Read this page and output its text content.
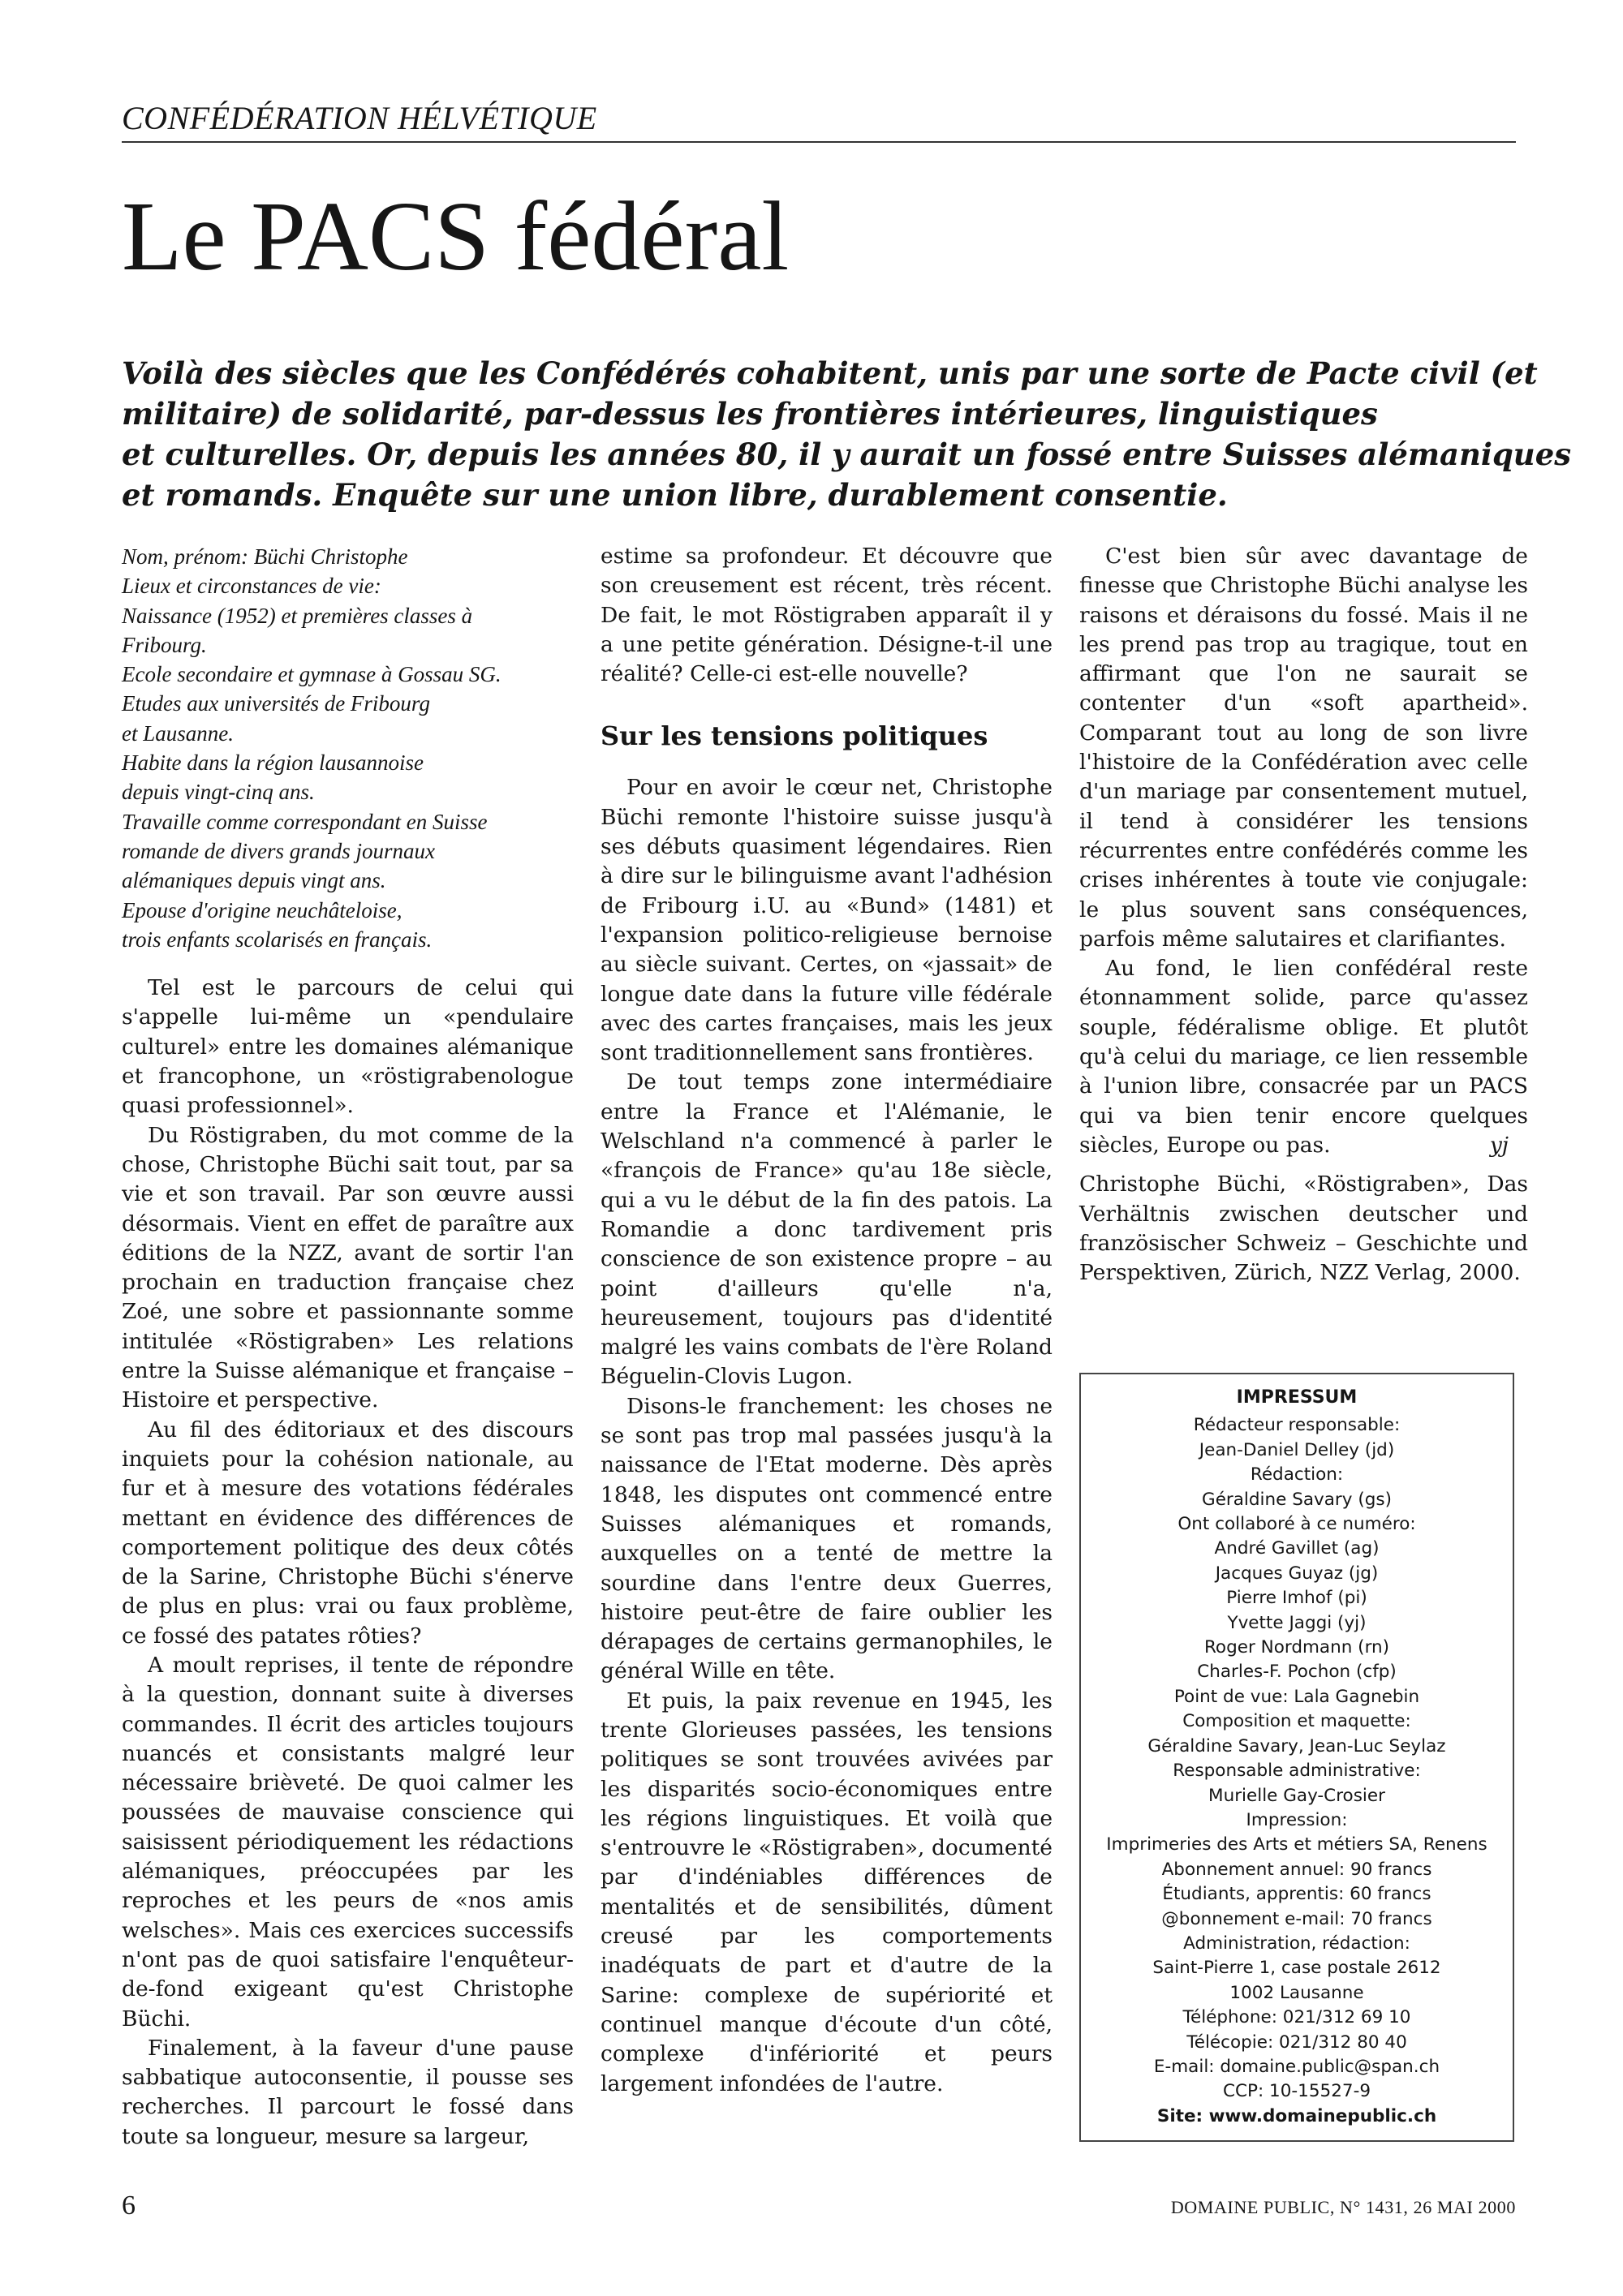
CONFÉDÉRATION HÉLVÉTIQUE
Le PACS fédéral
Voilà des siècles que les Confédérés cohabitent, unis par une sorte de Pacte civil (et
militaire) de solidarité, par-dessus les frontières intérieures, linguistiques
et culturelles. Or, depuis les années 80, il y aurait un fossé entre Suisses alémaniques
et romands. Enquête sur une union libre, durablement consentie.
Nom, prénom: Büchi Christophe
Lieux et circonstances de vie:
Naissance (1952) et premières classes à
Fribourg.
Ecole secondaire et gymnase à Gossau SG.
Etudes aux universités de Fribourg
et Lausanne.
Habite dans la région lausannoise
depuis vingt-cinq ans.
Travaille comme correspondant en Suisse
romande de divers grands journaux
alémaniques depuis vingt ans.
Epouse d'origine neuchâteloise,
trois enfants scolarisés en français.

Tel est le parcours de celui qui s'appelle lui-même un «pendulaire culturel» entre les domaines alémanique et francophone, un «röstigrabenologue quasi professionnel».

Du Röstigraben, du mot comme de la chose, Christophe Büchi sait tout, par sa vie et son travail. Par son œuvre aussi désormais. Vient en effet de paraître aux éditions de la NZZ, avant de sortir l'an prochain en traduction française chez Zoé, une sobre et passionnante somme intitulée «Röstigraben» Les relations entre la Suisse alémanique et française – Histoire et perspective.

Au fil des éditoriaux et des discours inquiets pour la cohésion nationale, au fur et à mesure des votations fédérales mettant en évidence des différences de comportement politique des deux côtés de la Sarine, Christophe Büchi s'énerve de plus en plus: vrai ou faux problème, ce fossé des patates rôties?

A moult reprises, il tente de répondre à la question, donnant suite à diverses commandes. Il écrit des articles toujours nuancés et consistants malgré leur nécessaire brièveté. De quoi calmer les poussées de mauvaise conscience qui saisissent périodiquement les rédactions alémaniques, préoccupées par les reproches et les peurs de «nos amis welsches». Mais ces exercices successifs n'ont pas de quoi satisfaire l'enquêteur-de-fond exigeant qu'est Christophe Büchi.

Finalement, à la faveur d'une pause sabbatique autoconsentie, il pousse ses recherches. Il parcourt le fossé dans toute sa longueur, mesure sa largeur,

estime sa profondeur. Et découvre que son creusement est récent, très récent. De fait, le mot Röstigraben apparaît il y a une petite génération. Désigne-t-il une réalité? Celle-ci est-elle nouvelle?

Sur les tensions politiques

Pour en avoir le cœur net, Christophe Büchi remonte l'histoire suisse jusqu'à ses débuts quasiment légendaires. Rien à dire sur le bilinguisme avant l'adhésion de Fribourg i.U. au «Bund» (1481) et l'expansion politico-religieuse bernoise au siècle suivant. Certes, on «jassait» de longue date dans la future ville fédérale avec des cartes françaises, mais les jeux sont traditionnellement sans frontières.

De tout temps zone intermédiaire entre la France et l'Alémanie, le Welschland n'a commencé à parler le «françois de France» qu'au 18e siècle, qui a vu le début de la fin des patois. La Romandie a donc tardivement pris conscience de son existence propre – au point d'ailleurs qu'elle n'a, heureusement, toujours pas d'identité malgré les vains combats de l'ère Roland Béguelin-Clovis Lugon.

Disons-le franchement: les choses ne se sont pas trop mal passées jusqu'à la naissance de l'Etat moderne. Dès après 1848, les disputes ont commencé entre Suisses alémaniques et romands, auxquelles on a tenté de mettre la sourdine dans l'entre deux Guerres, histoire peut-être de faire oublier les dérapages de certains germanophiles, le général Wille en tête.

Et puis, la paix revenue en 1945, les trente Glorieuses passées, les tensions politiques se sont trouvées avivées par les disparités socio-économiques entre les régions linguistiques. Et voilà que s'entrouvre le «Röstigraben», documenté par d'indéniables différences de mentalités et de sensibilités, dûment creusé par les comportements inadéquats de part et d'autre de la Sarine: complexe de supériorité et continuel manque d'écoute d'un côté, complexe d'infériorité et peurs largement infondées de l'autre.

C'est bien sûr avec davantage de finesse que Christophe Büchi analyse les raisons et déraisons du fossé. Mais il ne les prend pas trop au tragique, tout en affirmant que l'on ne saurait se contenter d'un «soft apartheid». Comparant tout au long de son livre l'histoire de la Confédération avec celle d'un mariage par consentement mutuel, il tend à considérer les tensions récurrentes entre confédérés comme les crises inhérentes à toute vie conjugale: le plus souvent sans conséquences, parfois même salutaires et clarifiantes.

Au fond, le lien confédéral reste étonnamment solide, parce qu'assez souple, fédéralisme oblige. Et plutôt qu'à celui du mariage, ce lien ressemble à l'union libre, consacrée par un PACS qui va bien tenir encore quelques siècles, Europe ou pas.	yj

Christophe Büchi, «Röstigraben», Das Verhältnis zwischen deutscher und französischer Schweiz – Geschichte und Perspektiven, Zürich, NZZ Verlag, 2000.

IMPRESSUM
Rédacteur responsable:
Jean-Daniel Delley (jd)
Rédaction:
Géraldine Savary (gs)
Ont collaboré à ce numéro:
André Gavillet (ag)
Jacques Guyaz (jg)
Pierre Imhof (pi)
Yvette Jaggi (yj)
Roger Nordmann (rn)
Charles-F. Pochon (cfp)
Point de vue: Lala Gagnebin
Composition et maquette:
Géraldine Savary, Jean-Luc Seylaz
Responsable administrative:
Murielle Gay-Crosier
Impression:
Imprimeries des Arts et métiers SA, Renens
Abonnement annuel: 90 francs
Étudiants, apprentis: 60 francs
@bonnement e-mail: 70 francs
Administration, rédaction:
Saint-Pierre 1, case postale 2612
1002 Lausanne
Téléphone: 021/312 69 10
Télécopie: 021/312 80 40
E-mail: domaine.public@span.ch
CCP: 10-15527-9
Site: www.domainepublic.ch
6	DOMAINE PUBLIC, N° 1431, 26 MAI 2000
